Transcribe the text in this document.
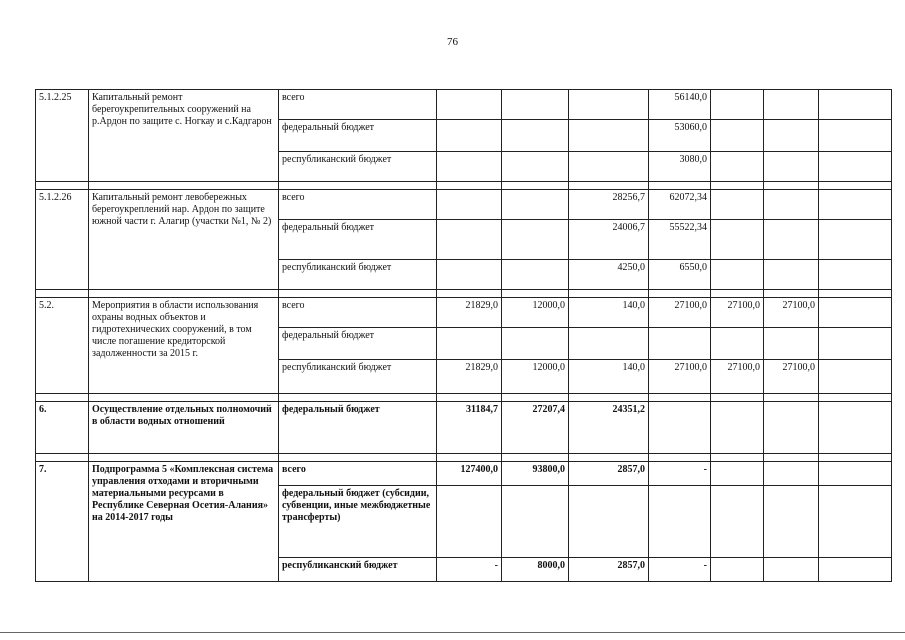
76
5.1.2.25	Капитальный ремонт берегоукрепительных сооружений на р.Ардон по защите с. Ногкау и с.Кадгарон	всего				56140,0			
		федеральный бюджет				53060,0			
		республиканский бюджет				3080,0			

5.1.2.26	Капитальный ремонт левобережных берегоукреплений нар. Ардон по защите южной части г. Алагир (участки №1, № 2)	всего			28256,7	62072,34			
		федеральный бюджет			24006,7	55522,34			
		республиканский бюджет			4250,0	6550,0			

5.2.	Мероприятия в области использования охраны водных объектов и гидротехнических сооружений, в том числе погашение кредиторской задолженности за 2015 г.	всего	21829,0	12000,0	140,0	27100,0	27100,0	27100,0	
		федеральный бюджет							
		республиканский бюджет	21829,0	12000,0	140,0	27100,0	27100,0	27100,0	

6.	Осуществление отдельных полномочий в области водных отношений	федеральный бюджет	31184,7	27207,4	24351,2				

7.	Подпрограмма 5 «Комплексная система управления отходами и вторичными материальными ресурсами в Республике Северная Осетия-Алания» на 2014-2017 годы	всего	127400,0	93800,0	2857,0	-			
		федеральный бюджет (субсидии, субвенции, иные межбюджетные трансферты)							
		республиканский бюджет	-	8000,0	2857,0	-			
